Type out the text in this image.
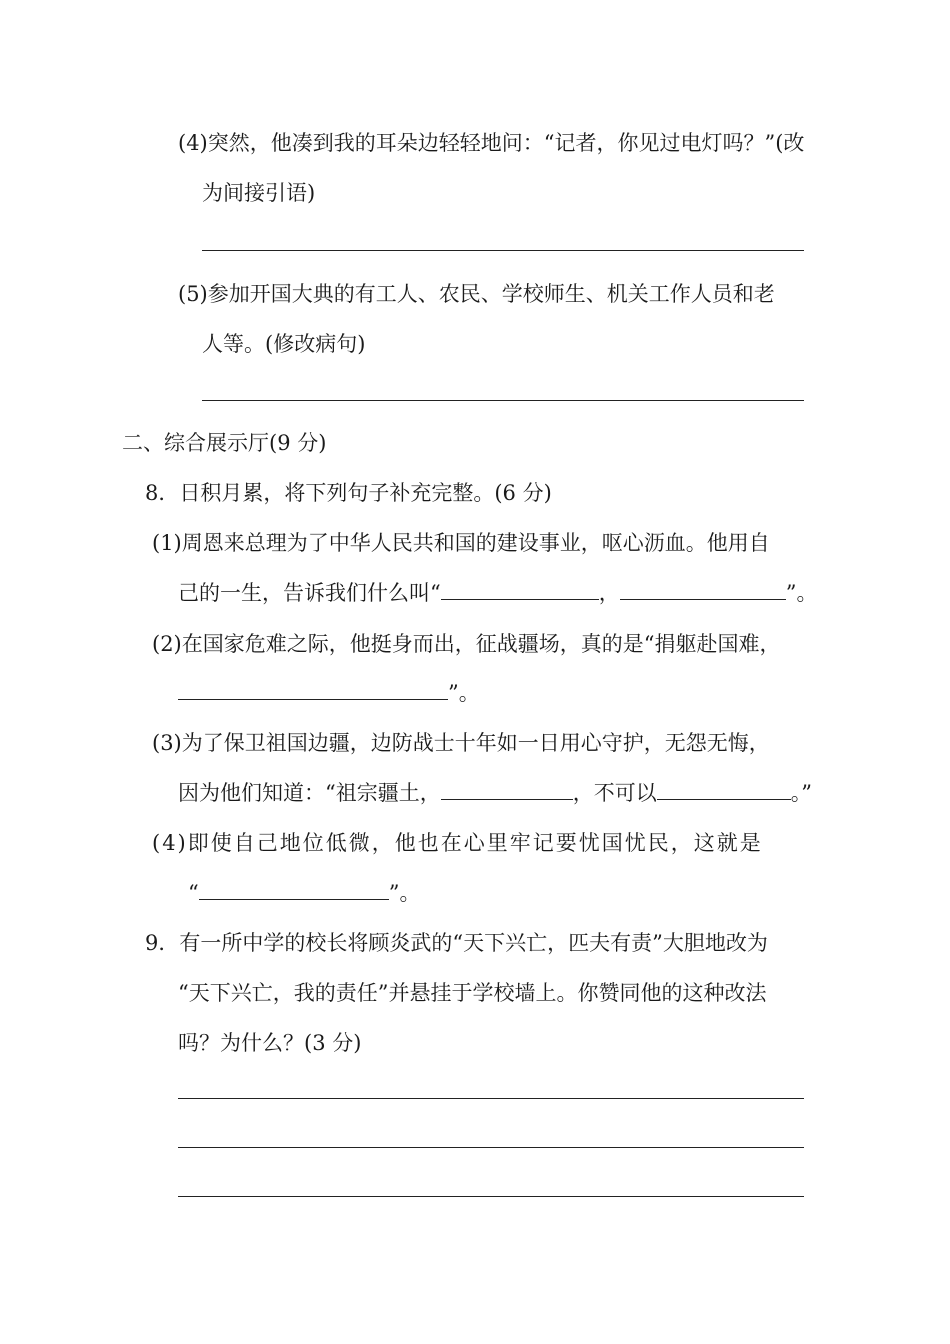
(4)突然，他凑到我的耳朵边轻轻地问：“记者，你见过电灯吗？”(改
为间接引语)
(5)参加开国大典的有工人、农民、学校师生、机关工作人员和老
人等。(修改病句)
二、综合展示厅(9 分)
8．日积月累，将下列句子补充完整。(6 分)
(1)周恩来总理为了中华人民共和国的建设事业，呕心沥血。他用自
己的一生，告诉我们什么叫“	，	”。
(2)在国家危难之际，他挺身而出，征战疆场，真的是“捐躯赴国难，
”。
(3)为了保卫祖国边疆，边防战士十年如一日用心守护，无怨无悔，
因为他们知道：“祖宗疆土，	，不可以	。”
(4)即使自己地位低微，他也在心里牢记要忧国忧民，这就是
“	”。
9．有一所中学的校长将顾炎武的“天下兴亡，匹夫有责”大胆地改为
“天下兴亡，我的责任”并悬挂于学校墙上。你赞同他的这种改法
吗？为什么？(3 分)
